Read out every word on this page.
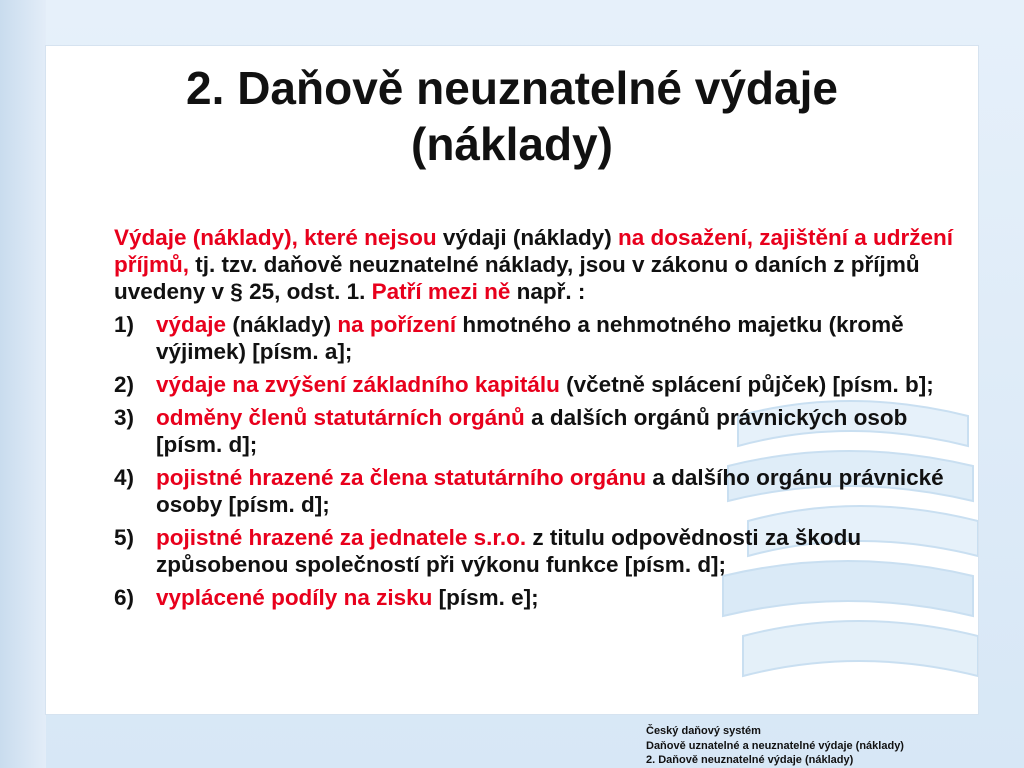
2. Daňově neuznatelné výdaje
(náklady)

Výdaje (náklady), které nejsou výdaji (náklady) na dosažení, zajištění a udržení příjmů, tj. tzv. daňově neuznatelné náklady, jsou v zákonu o daních z příjmů uvedeny v § 25, odst. 1. Patří mezi ně např. :

1) výdaje (náklady) na pořízení hmotného a nehmotného majetku (kromě výjimek) [písm. a];
2) výdaje na zvýšení základního kapitálu (včetně splácení půjček) [písm. b];
3) odměny členů statutárních orgánů a dalších orgánů právnických osob [písm. d];
4) pojistné hrazené za člena statutárního orgánu a dalšího orgánu právnické osoby [písm. d];
5) pojistné hrazené za jednatele s.r.o. z titulu odpovědnosti za škodu způsobenou společností při výkonu funkce [písm. d];
6) vyplácené podíly na zisku [písm. e];
Český daňový systém
Daňově uznatelné a neuznatelné výdaje (náklady)
2. Daňově neuznatelné výdaje (náklady)
